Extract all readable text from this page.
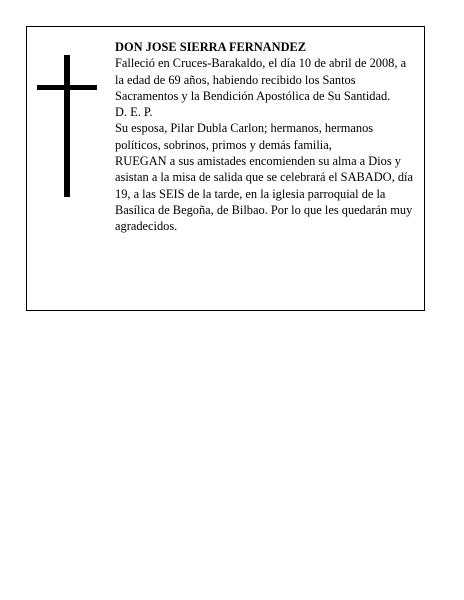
DON JOSE SIERRA FERNANDEZ

Falleció en Cruces-Barakaldo, el día 10 de abril de 2008, a la edad de 69 años, habiendo recibido los Santos Sacramentos y la Bendición Apostólica de Su Santidad.

D. E. P.

Su esposa, Pilar Dubla Carlon; hermanos, hermanos políticos, sobrinos, primos y demás familia,

RUEGAN a sus amistades encomienden su alma a Dios y asistan a la misa de salida que se celebrará el SABADO, día 19, a las SEIS de la tarde, en la iglesia parroquial de la Basílica de Begoña, de Bilbao. Por lo que les quedarán muy agradecidos.
